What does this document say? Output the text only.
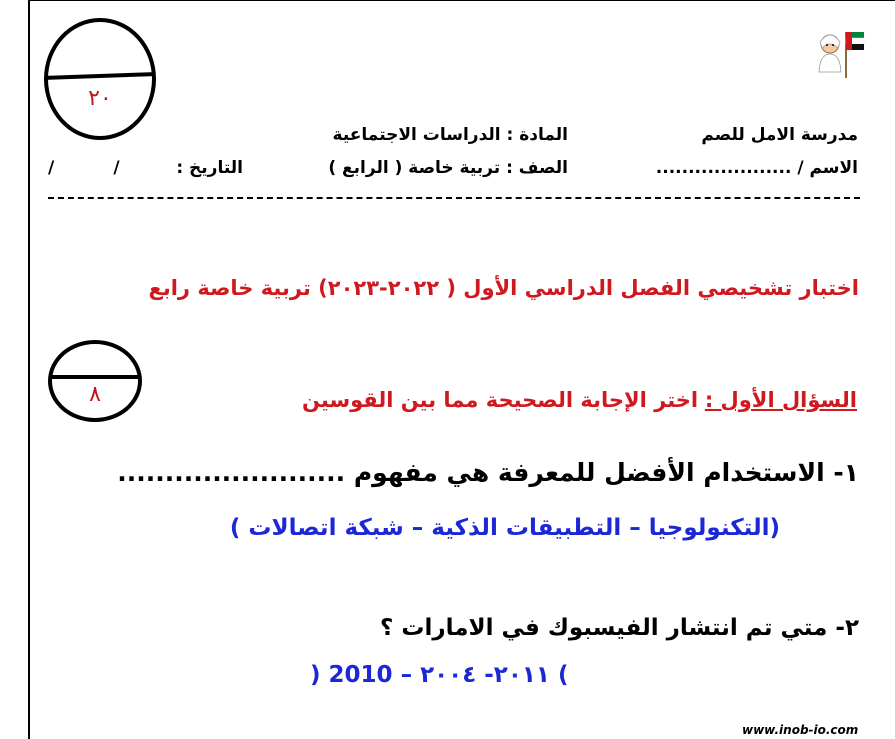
٢٠
مدرسة الامل للصم
المادة : الدراسات الاجتماعية
الاسم / .....................
الصف : تربية خاصة ( الرابع )
التاريخ :
/          /
اختبار تشخيصي الفصل الدراسي الأول ( ٢٠٢٢-٢٠٢٣) تربية خاصة رابع
٨	السؤال الأول : اختر الإجابة الصحيحة مما بين القوسين
١- الاستخدام الأفضل للمعرفة هي مفهوم ........................
(التكنولوجيا – التطبيقات الذكية – شبكة اتصالات )
٢- متي تم انتشار الفيسبوك في الامارات ؟
) 2010 – ٢٠١١- ٢٠٠٤ (
www.inob-io.com
